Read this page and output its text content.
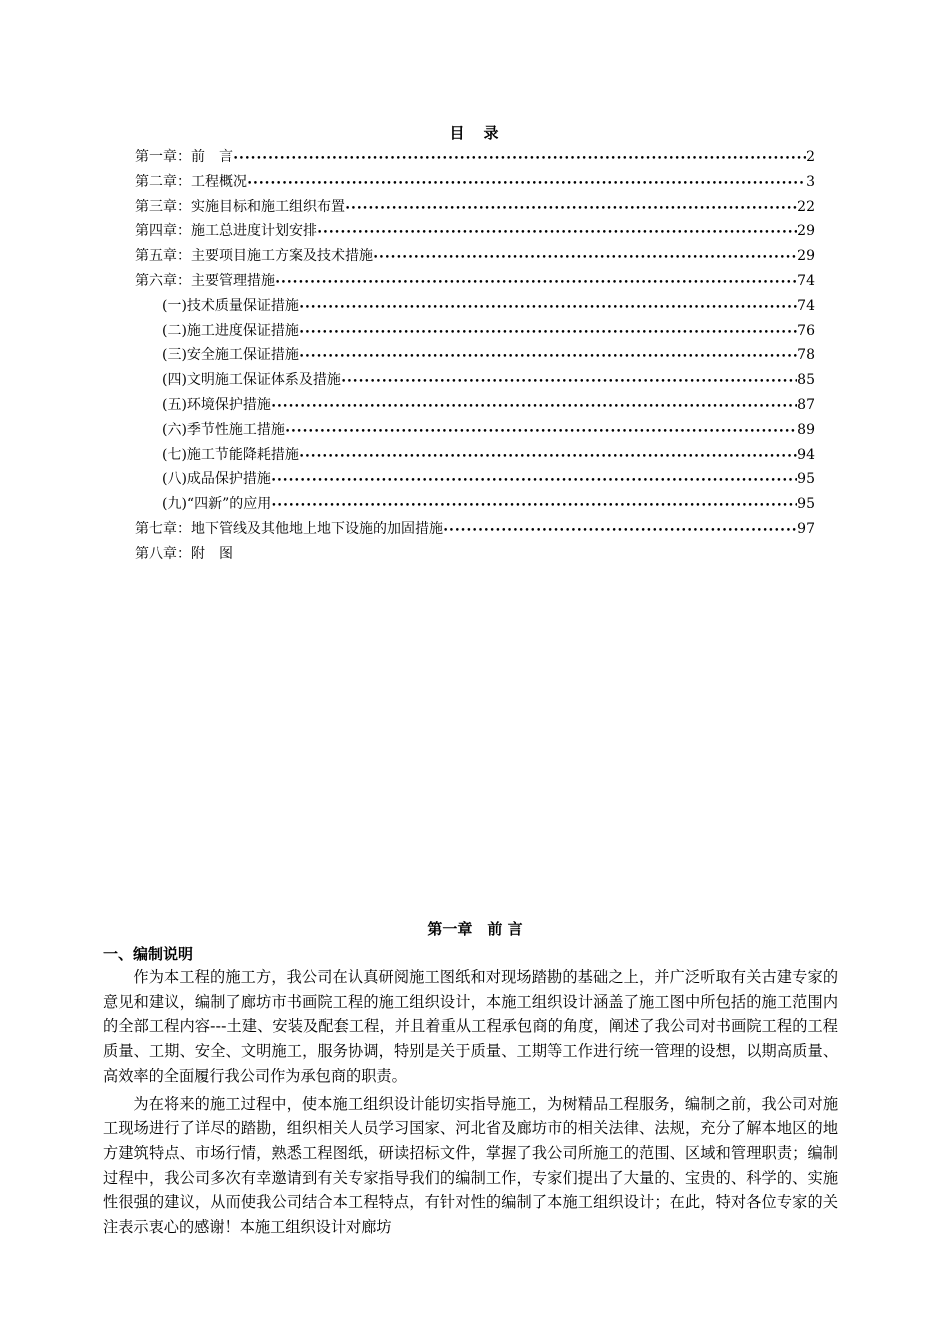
目　录
第一章：前　言 •••••	2
第二章：工程概况 •••••	3
第三章：实施目标和施工组织布置 •••••	22
第四章：施工总进度计划安排 •••••	29
第五章：主要项目施工方案及技术措施 •••••	29
第六章：主要管理措施 •••••	74
(一)技术质量保证措施 •••••	74
(二)施工进度保证措施 •••••	76
(三)安全施工保证措施 •••••	78
(四)文明施工保证体系及措施 •••••	85
(五)环境保护措施 •••••	87
(六)季节性施工措施 •••••	89
(七)施工节能降耗措施 •••••	94
(八)成品保护措施 •••••	95
(九)“四新”的应用 •••••	95
第七章：地下管线及其他地上地下设施的加固措施 •••••	97
第八章：附　图
第一章　前 言
一、编制说明

作为本工程的施工方，我公司在认真研阅施工图纸和对现场踏勘的基础之上，并广泛听取有关古建专家的意见和建议，编制了廊坊市书画院工程的施工组织设计，本施工组织设计涵盖了施工图中所包括的施工范围内的全部工程内容---土建、安装及配套工程，并且着重从工程承包商的角度，阐述了我公司对书画院工程的工程质量、工期、安全、文明施工，服务协调，特别是关于质量、工期等工作进行统一管理的设想，以期高质量、高效率的全面履行我公司作为承包商的职责。

为在将来的施工过程中，使本施工组织设计能切实指导施工，为树精品工程服务，编制之前，我公司对施工现场进行了详尽的踏勘，组织相关人员学习国家、河北省及廊坊市的相关法律、法规，充分了解本地区的地方建筑特点、市场行情，熟悉工程图纸，研读招标文件，掌握了我公司所施工的范围、区域和管理职责；编制过程中，我公司多次有幸邀请到有关专家指导我们的编制工作，专家们提出了大量的、宝贵的、科学的、实施性很强的建议，从而使我公司结合本工程特点，有针对性的编制了本施工组织设计；在此，特对各位专家的关注表示衷心的感谢！本施工组织设计对廊坊
